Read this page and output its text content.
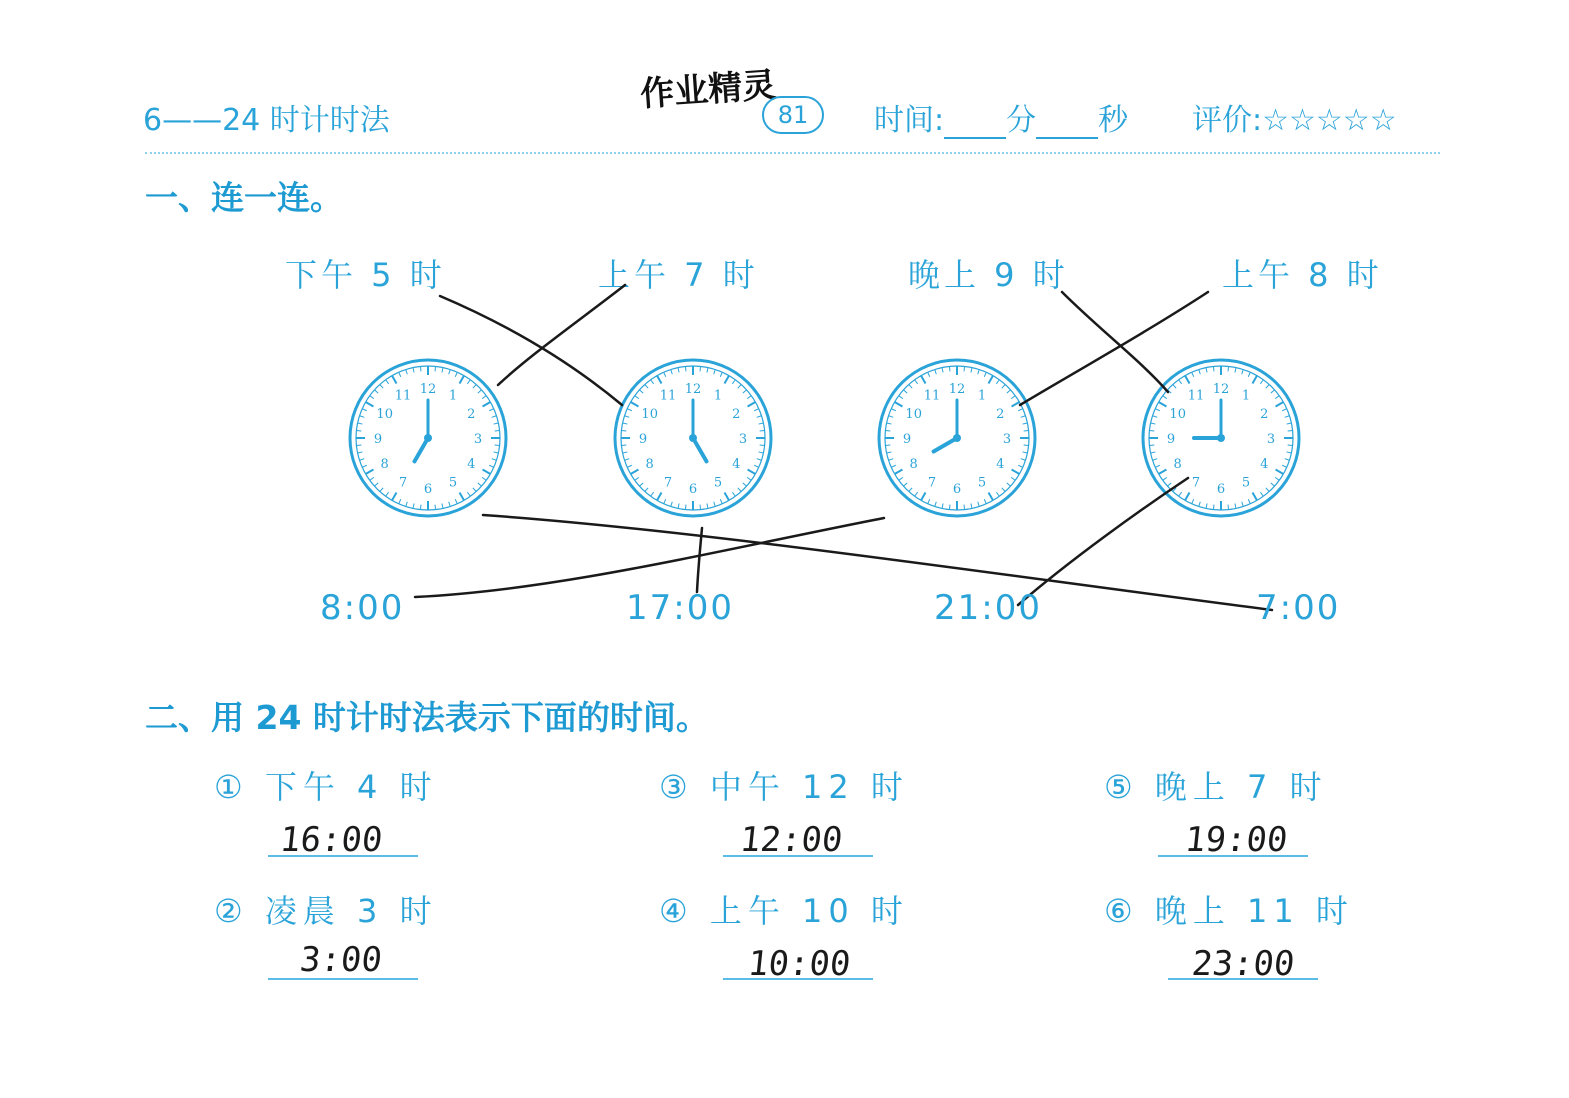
6——24 时计时法
作业精灵
81	时间: 分 秒 评价:☆☆☆☆☆
一、连一连。
下午 5 时	上午 7 时	晚上 9 时	上午 8 时
1
2
3
4
5
6
7
8
9
10
11 12	1
2
3
4
5
6
7
8
9
10
11 12	1
2
3
4
5
6
7
8
9
10
11 12	1
2
3
4
5
6
7
8
9
10
11 12
8:00	17:00	21:00	7:00
二、用 24 时计时法表示下面的时间。
① 下午 4 时
16:00
② 凌晨 3 时
3:00
③ 中午 12 时
12:00
④ 上午 10 时
10:00
⑤ 晚上 7 时
19:00
⑥ 晚上 11 时
23:00
